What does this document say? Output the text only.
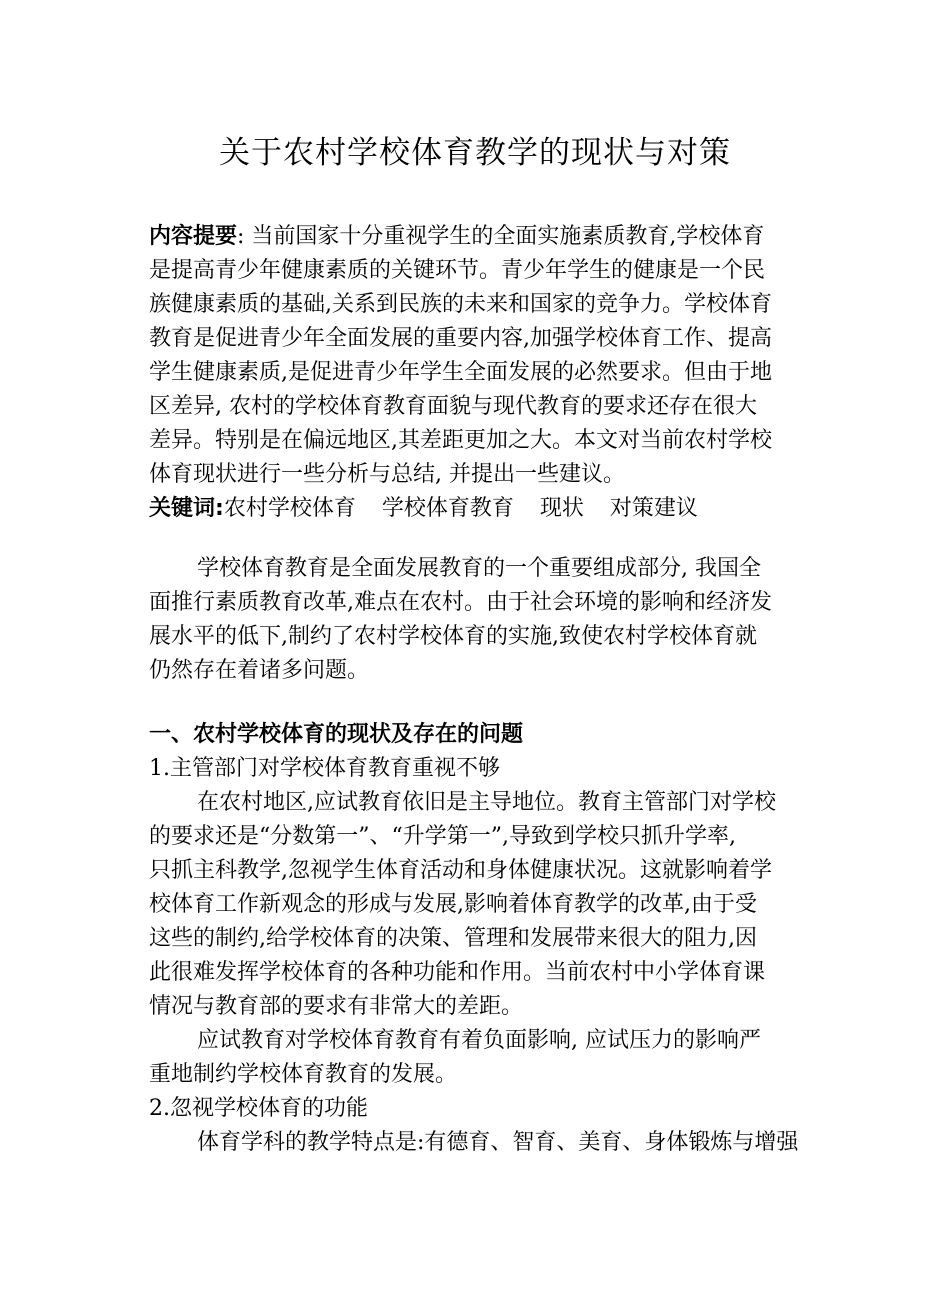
关于农村学校体育教学的现状与对策
内容提要: 当前国家十分重视学生的全面实施素质教育,学校体育
是提高青少年健康素质的关键环节。青少年学生的健康是一个民
族健康素质的基础,关系到民族的未来和国家的竞争力。学校体育
教育是促进青少年全面发展的重要内容,加强学校体育工作、提高
学生健康素质,是促进青少年学生全面发展的必然要求。但由于地
区差异, 农村的学校体育教育面貌与现代教育的要求还存在很大
差异。特别是在偏远地区,其差距更加之大。本文对当前农村学校
体育现状进行一些分析与总结, 并提出一些建议。
关键词:农村学校体育 学校体育教育 现状 对策建议
学校体育教育是全面发展教育的一个重要组成部分, 我国全
面推行素质教育改革,难点在农村。由于社会环境的影响和经济发
展水平的低下,制约了农村学校体育的实施,致使农村学校体育就
仍然存在着诸多问题。
一、农村学校体育的现状及存在的问题
1.主管部门对学校体育教育重视不够
在农村地区,应试教育依旧是主导地位。教育主管部门对学校
的要求还是“分数第一”、“升学第一”,导致到学校只抓升学率,
只抓主科教学,忽视学生体育活动和身体健康状况。这就影响着学
校体育工作新观念的形成与发展,影响着体育教学的改革,由于受
这些的制约,给学校体育的决策、管理和发展带来很大的阻力,因
此很难发挥学校体育的各种功能和作用。当前农村中小学体育课
情况与教育部的要求有非常大的差距。
应试教育对学校体育教育有着负面影响, 应试压力的影响严
重地制约学校体育教育的发展。
2.忽视学校体育的功能
体育学科的教学特点是:有德育、智育、美育、身体锻炼与增强
